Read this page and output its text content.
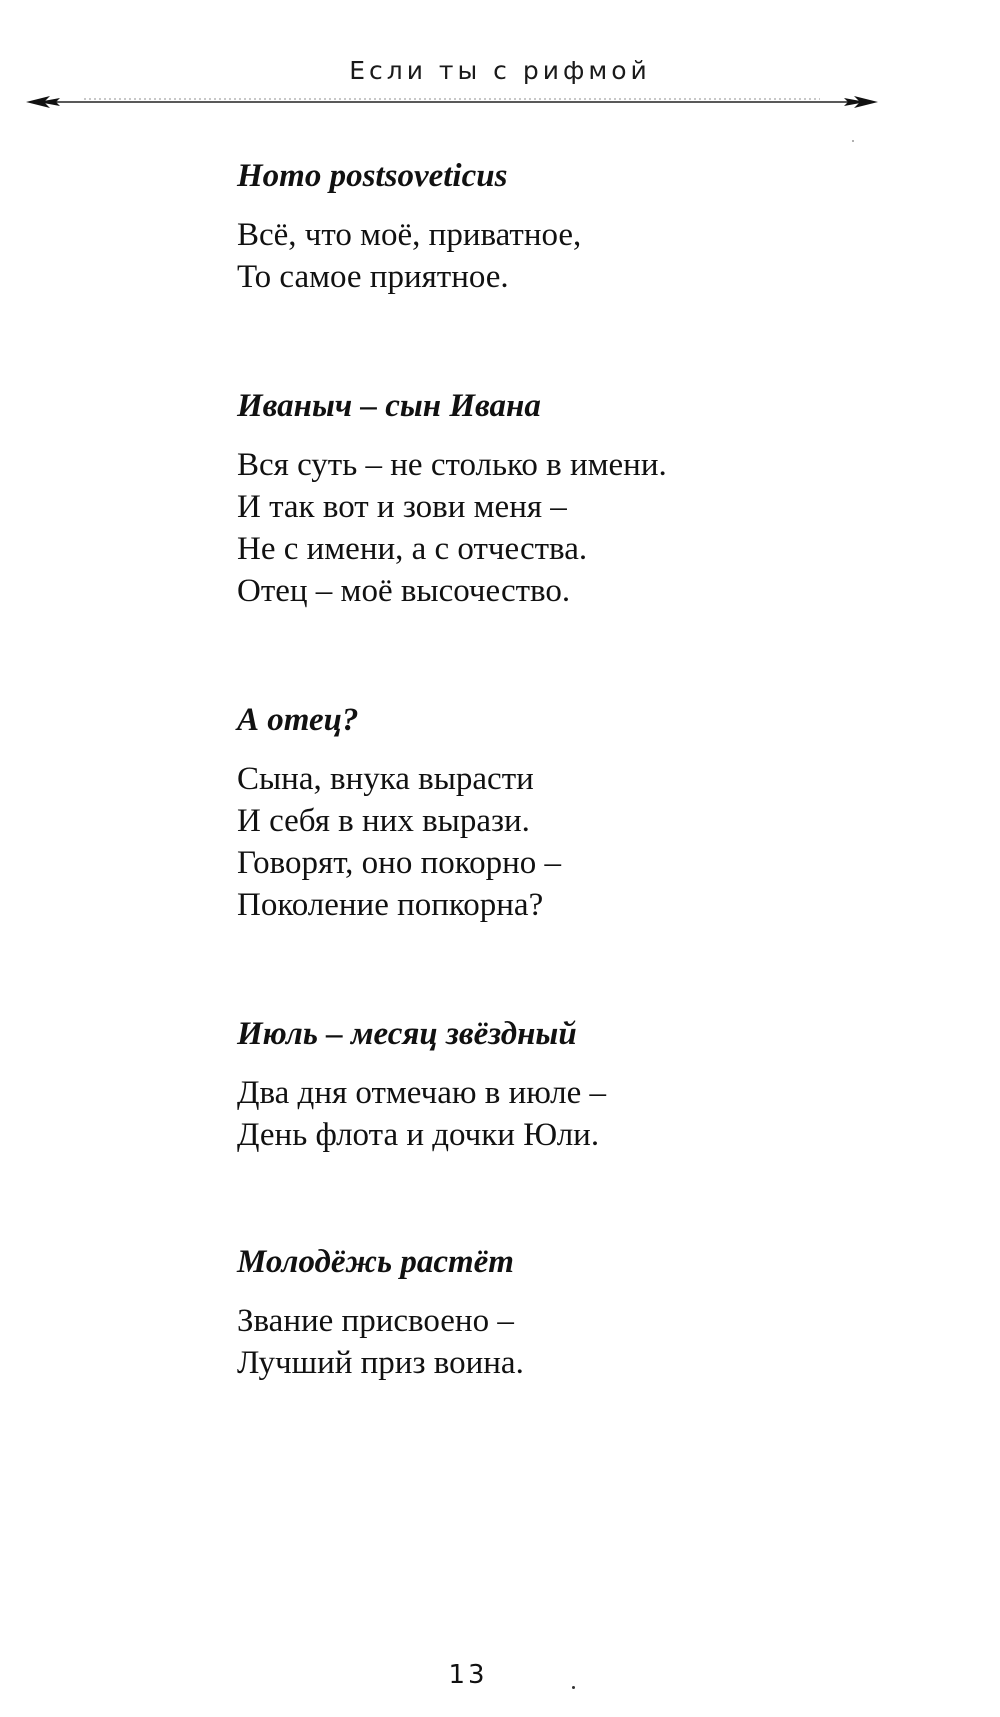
Если ты с рифмой
Homo postsoveticus
Всё, что моё, приватное,
То самое приятное.
Иваныч – сын Ивана
Вся суть – не столько в имени.
И так вот и зови меня –
Не с имени, а с отчества.
Отец – моё высочество.
А отец?
Сына, внука вырасти
И себя в них вырази.
Говорят, оно покорно –
Поколение попкорна?
Июль – месяц звёздный
Два дня отмечаю в июле –
День флота и дочки Юли.
Молодёжь растёт
Звание присвоено –
Лучший приз воина.
13
